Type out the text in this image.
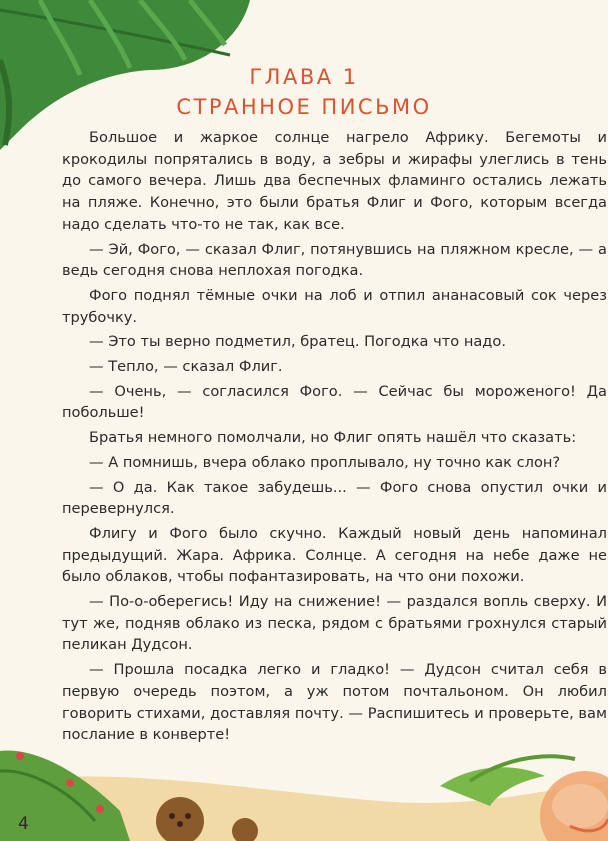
ГЛАВА 1
СТРАННОЕ ПИСЬМО

Большое и жаркое солнце нагрело Африку. Бегемоты и крокодилы попрятались в воду, а зебры и жирафы улеглись в тень до самого вечера. Лишь два беспечных фламинго остались лежать на пляже. Конечно, это были братья Флиг и Фого, которым всегда надо сделать что-то не так, как все.

— Эй, Фого, — сказал Флиг, потянувшись на пляжном кресле, — а ведь сегодня снова неплохая погодка.

Фого поднял тёмные очки на лоб и отпил ананасовый сок через трубочку.

— Это ты верно подметил, братец. Погодка что надо.

— Тепло, — сказал Флиг.

— Очень, — согласился Фого. — Сейчас бы мороженого! Да побольше!

Братья немного помолчали, но Флиг опять нашёл что сказать:

— А помнишь, вчера облако проплывало, ну точно как слон?

— О да. Как такое забудешь... — Фого снова опустил очки и перевернулся.

Флигу и Фого было скучно. Каждый новый день напоминал предыдущий. Жара. Африка. Солнце. А сегодня на небе даже не было облаков, чтобы пофантазировать, на что они похожи.

— По-о-оберегись! Иду на снижение! — раздался вопль сверху. И тут же, подняв облако из песка, рядом с братьями грохнулся старый пеликан Дудсон.

— Прошла посадка легко и гладко! — Дудсон считал себя в первую очередь поэтом, а уж потом почтальоном. Он любил говорить стихами, доставляя почту. — Распишитесь и проверьте, вам послание в конверте!

4
